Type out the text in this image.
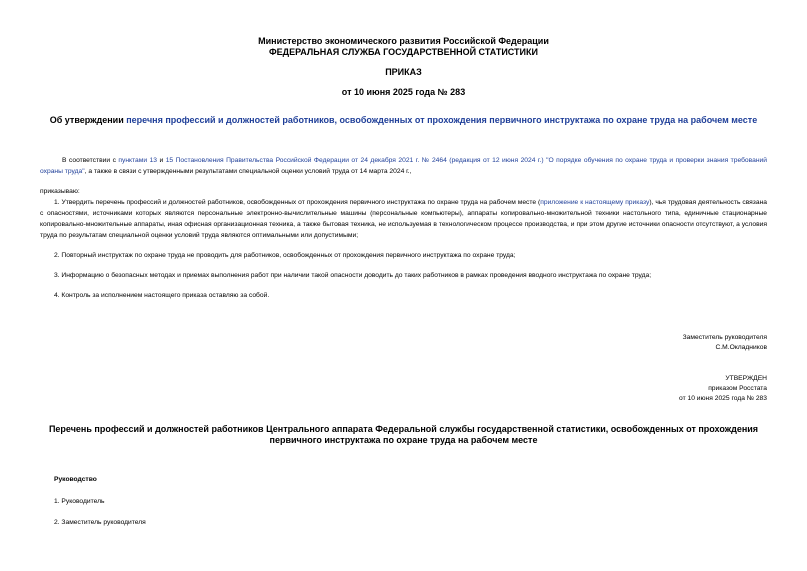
Министерство экономического развития Российской Федерации
ФЕДЕРАЛЬНАЯ СЛУЖБА ГОСУДАРСТВЕННОЙ СТАТИСТИКИ
ПРИКАЗ
от 10 июня 2025 года № 283
Об утверждении перечня профессий и должностей работников, освобожденных от прохождения первичного инструктажа по охране труда на рабочем месте
В соответствии с пунктами 13 и 15 Постановления Правительства Российской Федерации от 24 декабря 2021 г. № 2464 (редакция от 12 июня 2024 г.) "О порядке обучения по охране труда и проверки знания требований охраны труда", а также в связи с утвержденными результатами специальной оценки условий труда от 14 марта 2024 г.,
приказываю:
1. Утвердить перечень профессий и должностей работников, освобожденных от прохождения первичного инструктажа по охране труда на рабочем месте (приложение к настоящему приказу), чья трудовая деятельность связана с опасностями, источниками которых являются персональные электронно-вычислительные машины (персональные компьютеры), аппараты копировально-множительной техники настольного типа, единичные стационарные копировально-множительные аппараты, иная офисная организационная техника, а также бытовая техника, не используемая в технологическом процессе производства, и при этом другие источники опасности отсутствуют, а условия труда по результатам специальной оценки условий труда являются оптимальными или допустимыми;
2. Повторный инструктаж по охране труда не проводить для работников, освобожденных от прохождения первичного инструктажа по охране труда;
3. Информацию о безопасных методах и приемах выполнения работ при наличии такой опасности доводить до таких работников в рамках проведения вводного инструктажа по охране труда;
4. Контроль за исполнением настоящего приказа оставляю за собой.
Заместитель руководителя
С.М.Окладников
УТВЕРЖДЕН
приказом Росстата
от 10 июня 2025 года № 283
Перечень профессий и должностей работников Центрального аппарата Федеральной службы государственной статистики, освобожденных от прохождения первичного инструктажа по охране труда на рабочем месте
Руководство
1. Руководитель
2. Заместитель руководителя
